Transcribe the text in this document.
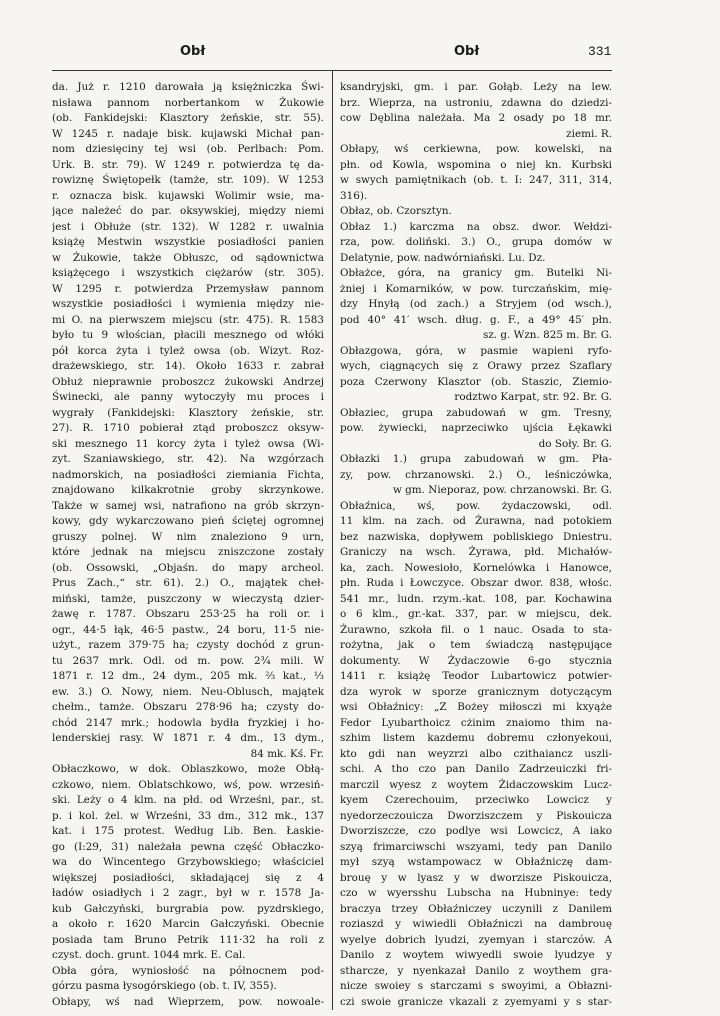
Obł	Obł	331
da. Już r. 1210 darowała ją księżniczka Świ-
nisława pannom norbertankom w Żukowie
(ob. Fankidejski: Klasztory żeńskie, str. 55).
W 1245 r. nadaje bisk. kujawski Michał pan-
nom dziesięciny tej wsi (ob. Perlbach: Pom.
Urk. B. str. 79). W 1249 r. potwierdza tę da-
rowiznę Świętopełk (tamże, str. 109). W 1253
r. oznacza bisk. kujawski Wolimir wsie, ma-
jące należeć do par. oksywskiej, między niemi
jest i Obłuże (str. 132). W 1282 r. uwalnia
książę Mestwin wszystkie posiadłości panien
w Żukowie, także Obłuszc, od sądownictwa
książęcego i wszystkich ciężarów (str. 305).
W 1295 r. potwierdza Przemysław pannom
wszystkie posiadłości i wymienia między nie-
mi O. na pierwszem miejscu (str. 475). R. 1583
było tu 9 włościan, płacili mesznego od włóki
pół korca żyta i tyleż owsa (ob. Wizyt. Roz-
drażewskiego, str. 14). Około 1633 r. zabrał
Obłuż nieprawnie proboszcz żukowski Andrzej
Świnecki, ale panny wytoczyły mu proces i
wygrały (Fankidejski: Klasztory żeńskie, str.
27). R. 1710 pobierał ztąd proboszcz oksyw-
ski mesznego 11 korcy żyta i tyleż owsa (Wi-
zyt. Szaniawskiego, str. 42). Na wzgórzach
nadmorskich, na posiadłości ziemiania Fichta,
znajdowano kilkakrotnie groby skrzynkowe.
Także w samej wsi, natrafiono na grób skrzyn-
kowy, gdy wykarczowano pień ściętej ogromnej
gruszy polnej. W nim znaleziono 9 urn,
które jednak na miejscu zniszczone zostały
(ob. Ossowski, „Objaśn. do mapy archeol.
Prus Zach.,“ str. 61). 2.) O., majątek cheł-
miński, tamże, puszczony w wieczystą dzier-
żawę r. 1787. Obszaru 253·25 ha roli or. i
ogr., 44·5 łąk, 46·5 pastw., 24 boru, 11·5 nie-
użyt., razem 379·75 ha; czysty dochód z grun-
tu 2637 mrk. Odl. od m. pow. 2¾ mili. W
1871 r. 12 dm., 24 dym., 205 mk. ⅔ kat., ⅓
ew. 3.) O. Nowy, niem. Neu-Oblusch, majątek
chełm., tamże. Obszaru 278·96 ha; czysty do-
chód 2147 mrk.; hodowla bydła fryzkiej i ho-
lenderskiej rasy. W 1871 r. 4 dm., 13 dym.,
84 mk. Kś. Fr.
Obłaczkowo, w dok. Oblaszkowo, może Obłą-
czkowo, niem. Oblatschkowo, wś, pow. wrzesiń-
ski. Leży o 4 klm. na płd. od Wrześni, par., st.
p. i kol. żel. w Wrześni, 33 dm., 312 mk., 137
kat. i 175 protest. Według Lib. Ben. Łaskie-
go (I:29, 31) należała pewna część Obłaczko-
wa do Wincentego Grzybowskiego; właściciel
większej posiadłości, składającej się z 4
ładów osiadłych i 2 zagr., był w r. 1578 Ja-
kub Gałczyński, burgrabia pow. pyzdrskiego,
a około r. 1620 Marcin Gałczyński. Obecnie
posiada tam Bruno Petrik 111·32 ha roli z
czyst. doch. grunt. 1044 mrk. E. Cal.
Obła góra, wyniosłość na północnem pod-
górzu pasma łysogórskiego (ob. t. IV, 355).
Obłapy, wś nad Wieprzem, pow. nowoale-
ksandryjski, gm. i par. Gołąb. Leży na lew.
brz. Wieprza, na ustroniu, zdawna do dziedzi-
cow Dęblina należała. Ma 2 osady po 18 mr.
ziemi. R.
Obłapy, wś cerkiewna, pow. kowelski, na
płn. od Kowla, wspomina o niej kn. Kurbski
w swych pamiętnikach (ob. t. I: 247, 311, 314,
316).
Obłaz, ob. Czorsztyn.
Obłaz 1.) karczma na obsz. dwor. Wełdzi-
rza, pow. doliński. 3.) O., grupa domów w
Delatynie, pow. nadwórniański. Lu. Dz.
Obłażce, góra, na granicy gm. Butelki Ni-
żniej i Komarników, w pow. turczańskim, mię-
dzy Hnyłą (od zach.) a Stryjem (od wsch.),
pod 40° 41′ wsch. dług. g. F., a 49° 45′ płn.
sz. g. Wzn. 825 m. Br. G.
Obłazgowa, góra, w pasmie wapieni ryfo-
wych, ciągnących się z Orawy przez Szaflary
poza Czerwony Klasztor (ob. Staszic, Ziemio-
rodztwo Karpat, str. 92. Br. G.
Obłaziec, grupa zabudowań w gm. Tresny,
pow. żywiecki, naprzeciwko ujścia Łękawki
do Soły. Br. G.
Obłazki 1.) grupa zabudowań w gm. Pła-
zy, pow. chrzanowski. 2.) O., leśniczówka,
w gm. Nieporaz, pow. chrzanowski. Br. G.
Obłaźnica, wś, pow. żydaczowski, odl.
11 klm. na zach. od Żurawna, nad potokiem
bez nazwiska, dopływem pobliskiego Dniestru.
Graniczy na wsch. Żyrawa, płd. Michałów-
ka, zach. Nowesioło, Kornelówka i Hanowce,
płn. Ruda i Łowczyce. Obszar dwor. 838, włośc.
541 mr., ludn. rzym.-kat. 108, par. Kochawina
o 6 klm., gr.-kat. 337, par. w miejscu, dek.
Żurawno, szkoła fil. o 1 nauc. Osada to sta-
rożytna, jak o tem świadczą następujące
dokumenty. W Żydaczowie 6-go stycznia
1411 r. książę Teodor Lubartowicz potwier-
dza wyrok w sporze granicznym dotyczącym
wsi Obłaźnicy: „Z Bożey miłosczi mi kxyąże
Fedor Lyubarthoicz cżinim znaiomo thim na-
szhim listem kazdemu dobremu członyekoui,
kto gdi nan weyzrzi albo czithaiancz uszli-
schi. A tho czo pan Danilo Zadrzeuiczki fri-
marczil wyesz z woytem Żidaczowskim Lucz-
kyem Czerechouim, przeciwko Lowcicz y
nyedorzeczouicza Dworziszczem y Piskouicza
Dworziszcze, czo podlye wsi Lowcicz, A iako
szyą frimarciwschi wszyami, tedy pan Danilo
mył szyą wstampowacz w Obłaźniczę dam-
brouę y w lyasz y w dworzisze Piskouicza,
czo w wyersshu Lubscha na Hubninye: tedy
braczya trzey Obłaźniczey uczynili z Danilem
roziaszd y wiwiedli Obłaźniczi na dambrouę
wyelye dobrich lyudzi, zyemyan i starczów. A
Danilo z woytem wiwyedli swoie lyudzye y
stharcze, y nyenkazał Danilo z woythem gra-
nicze swoiey s starczami s swoyimi, a Obłazni-
czi swoie granicze vkazali z zyemyami y s star-
